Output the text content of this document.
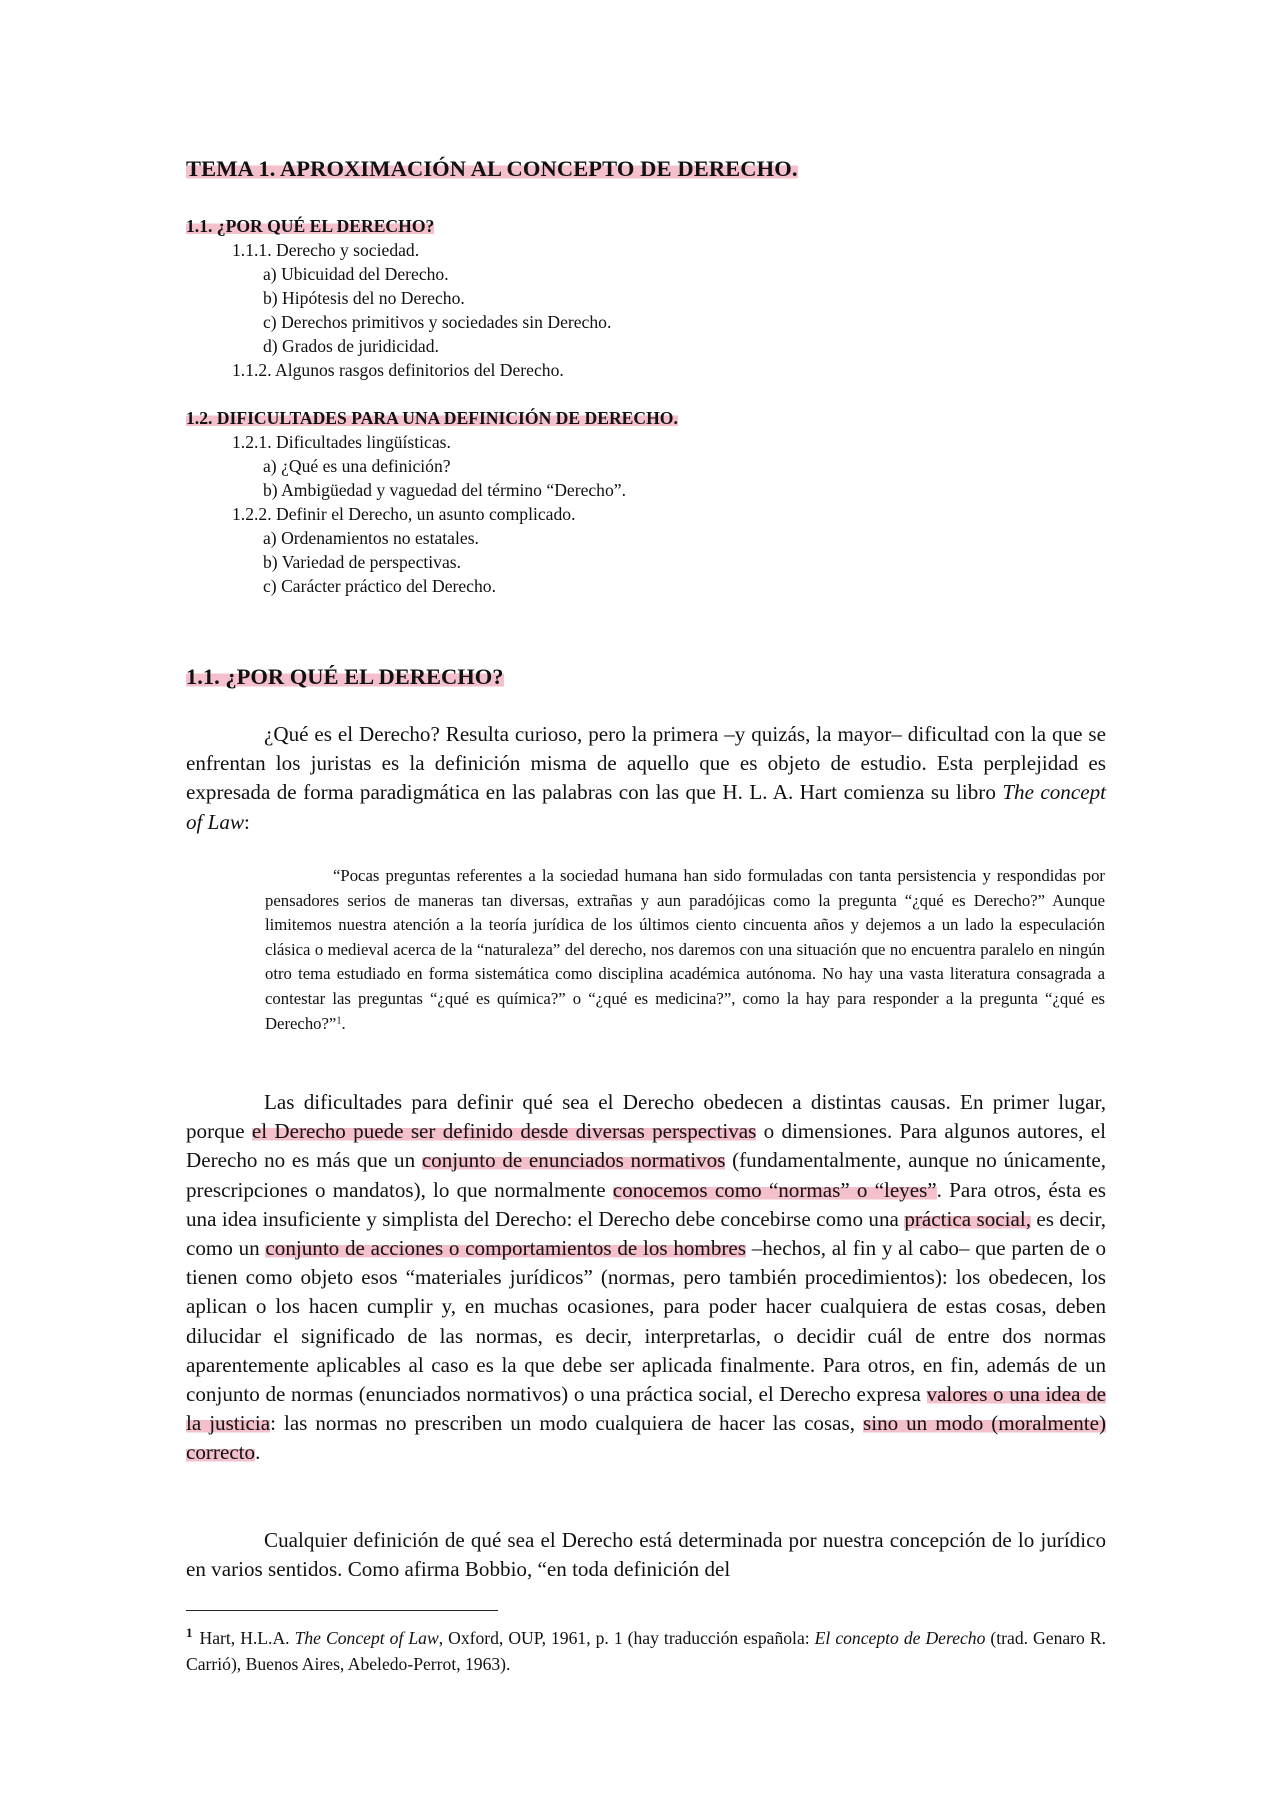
TEMA 1. APROXIMACIÓN AL CONCEPTO DE DERECHO.

1.1. ¿POR QUÉ EL DERECHO?

1.1.1. Derecho y sociedad.

a) Ubicuidad del Derecho.

b) Hipótesis del no Derecho.

c) Derechos primitivos y sociedades sin Derecho.

d) Grados de juridicidad.

1.1.2. Algunos rasgos definitorios del Derecho.

1.2. DIFICULTADES PARA UNA DEFINICIÓN DE DERECHO.

1.2.1. Dificultades lingüísticas.

a) ¿Qué es una definición?

b) Ambigüedad y vaguedad del término “Derecho”.

1.2.2. Definir el Derecho, un asunto complicado.

a) Ordenamientos no estatales.

b) Variedad de perspectivas.

c) Carácter práctico del Derecho.

1.1. ¿POR QUÉ EL DERECHO?

¿Qué es el Derecho? Resulta curioso, pero la primera –y quizás, la mayor– dificultad con la que se enfrentan los juristas es la definición misma de aquello que es objeto de estudio. Esta perplejidad es expresada de forma paradigmática en las palabras con las que H. L. A. Hart comienza su libro The concept of Law:

“Pocas preguntas referentes a la sociedad humana han sido formuladas con tanta persistencia y respondidas por pensadores serios de maneras tan diversas, extrañas y aun paradójicas como la pregunta “¿qué es Derecho?” Aunque limitemos nuestra atención a la teoría jurídica de los últimos ciento cincuenta años y dejemos a un lado la especulación clásica o medieval acerca de la “naturaleza” del derecho, nos daremos con una situación que no encuentra paralelo en ningún otro tema estudiado en forma sistemática como disciplina académica autónoma. No hay una vasta literatura consagrada a contestar las preguntas “¿qué es química?” o “¿qué es medicina?”, como la hay para responder a la pregunta “¿qué es Derecho?”$^1$.

Las dificultades para definir qué sea el Derecho obedecen a distintas causas. En primer lugar, porque el Derecho puede ser definido desde diversas perspectivas o dimensiones. Para algunos autores, el Derecho no es más que un conjunto de enunciados normativos (fundamentalmente, aunque no únicamente, prescripciones o mandatos), lo que normalmente conocemos como “normas” o “leyes”. Para otros, ésta es una idea insuficiente y simplista del Derecho: el Derecho debe concebirse como una práctica social, es decir, como un conjunto de acciones o comportamientos de los hombres –hechos, al fin y al cabo– que parten de o tienen como objeto esos “materiales jurídicos” (normas, pero también procedimientos): los obedecen, los aplican o los hacen cumplir y, en muchas ocasiones, para poder hacer cualquiera de estas cosas, deben dilucidar el significado de las normas, es decir, interpretarlas, o decidir cuál de entre dos normas aparentemente aplicables al caso es la que debe ser aplicada finalmente. Para otros, en fin, además de un conjunto de normas (enunciados normativos) o una práctica social, el Derecho expresa valores o una idea de la justicia: las normas no prescriben un modo cualquiera de hacer las cosas, sino un modo (moralmente) correcto.

Cualquier definición de qué sea el Derecho está determinada por nuestra concepción de lo jurídico en varios sentidos. Como afirma Bobbio, “en toda definición del

$^1$ Hart, H.L.A. The Concept of Law, Oxford, OUP, 1961, p. 1 (hay traducción española: El concepto de Derecho (trad. Genaro R. Carrió), Buenos Aires, Abeledo-Perrot, 1963).
